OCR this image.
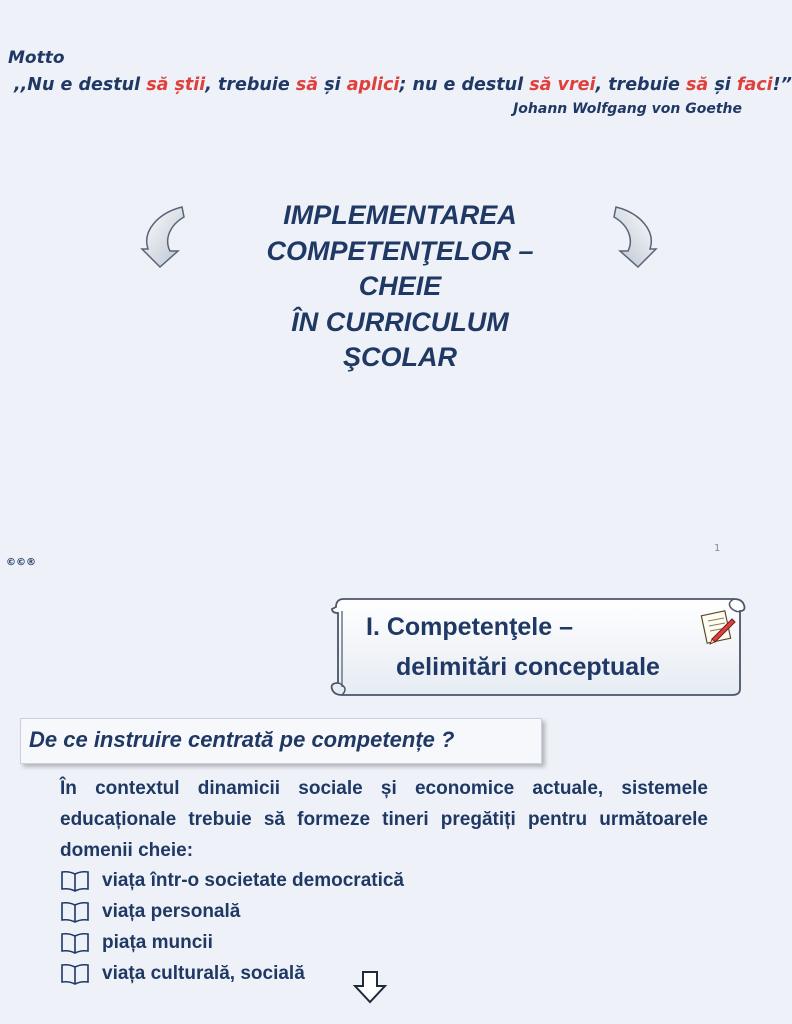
Motto
,,Nu e destul să știi, trebuie să și aplici; nu e destul să vrei, trebuie să și faci!”
Johann Wolfgang von Goethe
IMPLEMENTAREA
COMPETENŢELOR –
CHEIE
ÎN CURRICULUM
ŞCOLAR
1
©©®
I. Competenţele –
delimitări conceptuale
De ce instruire centrată pe competențe ?
În contextul dinamicii sociale și economice actuale, sistemele educaționale trebuie să formeze tineri pregătiți pentru următoarele domenii cheie:
viața într-o societate democratică
viața personală
piața muncii
viața culturală, socială
